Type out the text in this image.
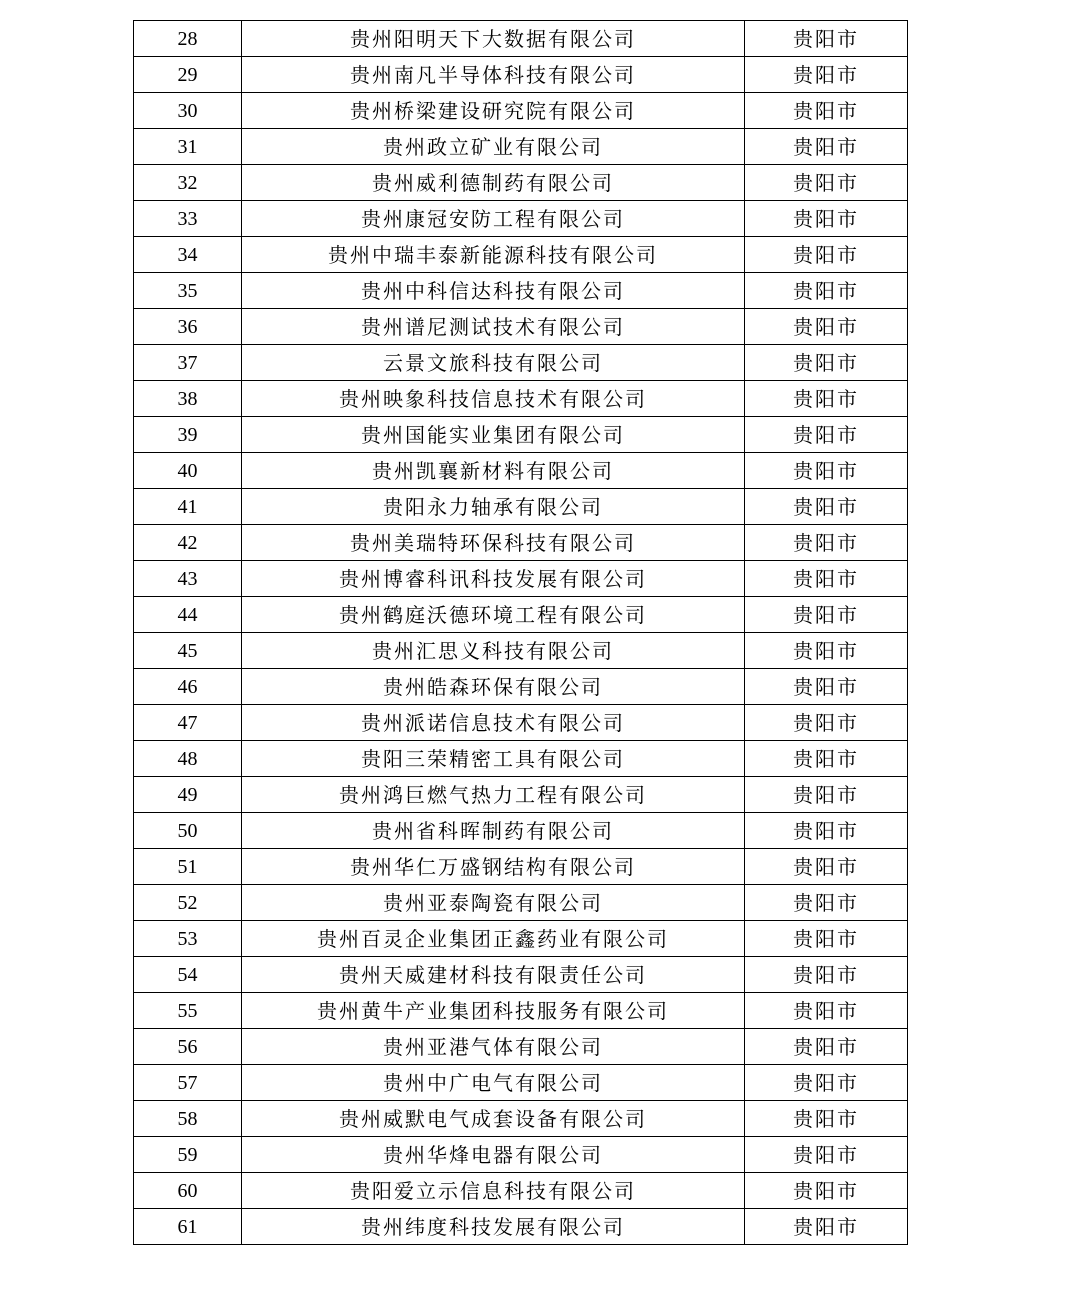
28	贵州阳明天下大数据有限公司	贵阳市
29	贵州南凡半导体科技有限公司	贵阳市
30	贵州桥梁建设研究院有限公司	贵阳市
31	贵州政立矿业有限公司	贵阳市
32	贵州威利德制药有限公司	贵阳市
33	贵州康冠安防工程有限公司	贵阳市
34	贵州中瑞丰泰新能源科技有限公司	贵阳市
35	贵州中科信达科技有限公司	贵阳市
36	贵州谱尼测试技术有限公司	贵阳市
37	云景文旅科技有限公司	贵阳市
38	贵州映象科技信息技术有限公司	贵阳市
39	贵州国能实业集团有限公司	贵阳市
40	贵州凯襄新材料有限公司	贵阳市
41	贵阳永力轴承有限公司	贵阳市
42	贵州美瑞特环保科技有限公司	贵阳市
43	贵州博睿科讯科技发展有限公司	贵阳市
44	贵州鹤庭沃德环境工程有限公司	贵阳市
45	贵州汇思义科技有限公司	贵阳市
46	贵州皓森环保有限公司	贵阳市
47	贵州派诺信息技术有限公司	贵阳市
48	贵阳三荣精密工具有限公司	贵阳市
49	贵州鸿巨燃气热力工程有限公司	贵阳市
50	贵州省科晖制药有限公司	贵阳市
51	贵州华仁万盛钢结构有限公司	贵阳市
52	贵州亚泰陶瓷有限公司	贵阳市
53	贵州百灵企业集团正鑫药业有限公司	贵阳市
54	贵州天威建材科技有限责任公司	贵阳市
55	贵州黄牛产业集团科技服务有限公司	贵阳市
56	贵州亚港气体有限公司	贵阳市
57	贵州中广电气有限公司	贵阳市
58	贵州威默电气成套设备有限公司	贵阳市
59	贵州华烽电器有限公司	贵阳市
60	贵阳爱立示信息科技有限公司	贵阳市
61	贵州纬度科技发展有限公司	贵阳市
